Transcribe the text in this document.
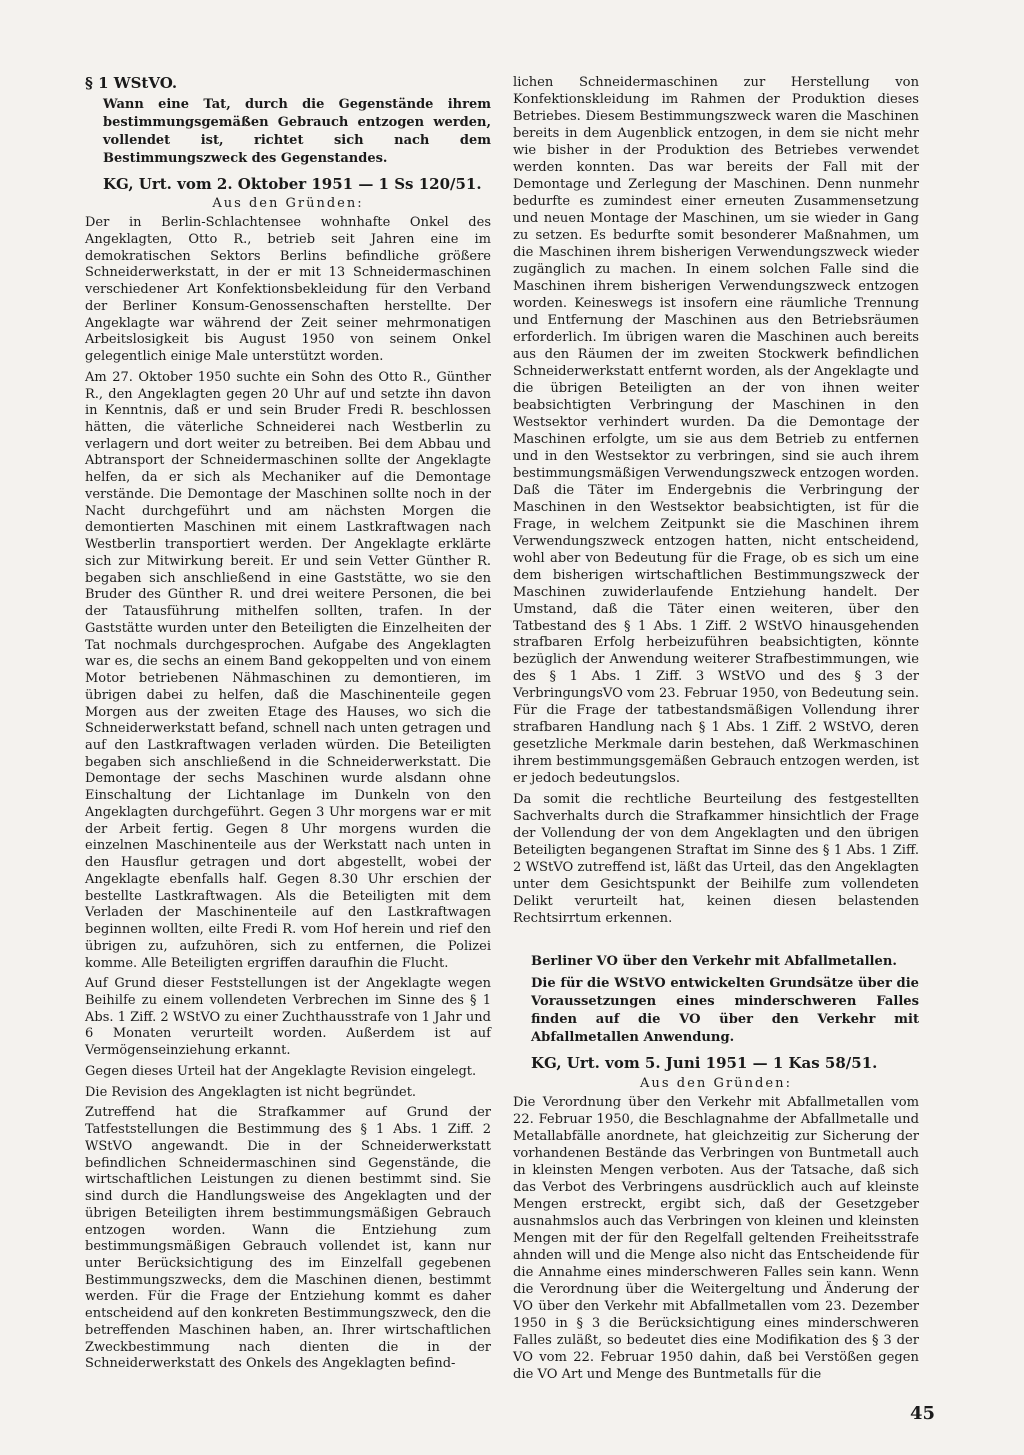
§ 1 WStVO.
Wann eine Tat, durch die Gegenstände ihrem bestimmungsgemäßen Gebrauch entzogen werden, vollendet ist, richtet sich nach dem Bestimmungszweck des Gegenstandes.
KG, Urt. vom 2. Oktober 1951 — 1 Ss 120/51.
Aus den Gründen:

Der in Berlin-Schlachtensee wohnhafte Onkel des Angeklagten, Otto R., betrieb seit Jahren eine im demokratischen Sektors Berlins befindliche größere Schneiderwerkstatt, in der er mit 13 Schneidermaschinen verschiedener Art Konfektionsbekleidung für den Verband der Berliner Konsum-Genossenschaften herstellte. Der Angeklagte war während der Zeit seiner mehrmonatigen Arbeitslosigkeit bis August 1950 von seinem Onkel gelegentlich einige Male unterstützt worden.

Am 27. Oktober 1950 suchte ein Sohn des Otto R., Günther R., den Angeklagten gegen 20 Uhr auf und setzte ihn davon in Kenntnis, daß er und sein Bruder Fredi R. beschlossen hätten, die väterliche Schneiderei nach Westberlin zu verlagern und dort weiter zu betreiben. Bei dem Abbau und Abtransport der Schneidermaschinen sollte der Angeklagte helfen, da er sich als Mechaniker auf die Demontage verstände. Die Demontage der Maschinen sollte noch in der Nacht durchgeführt und am nächsten Morgen die demontierten Maschinen mit einem Lastkraftwagen nach Westberlin transportiert werden. Der Angeklagte erklärte sich zur Mitwirkung bereit. Er und sein Vetter Günther R. begaben sich anschließend in eine Gaststätte, wo sie den Bruder des Günther R. und drei weitere Personen, die bei der Tatausführung mithelfen sollten, trafen. In der Gaststätte wurden unter den Beteiligten die Einzelheiten der Tat nochmals durchgesprochen. Aufgabe des Angeklagten war es, die sechs an einem Band gekoppelten und von einem Motor betriebenen Nähmaschinen zu demontieren, im übrigen dabei zu helfen, daß die Maschinenteile gegen Morgen aus der zweiten Etage des Hauses, wo sich die Schneiderwerkstatt befand, schnell nach unten getragen und auf den Lastkraftwagen verladen würden. Die Beteiligten begaben sich anschließend in die Schneiderwerkstatt. Die Demontage der sechs Maschinen wurde alsdann ohne Einschaltung der Lichtanlage im Dunkeln von den Angeklagten durchgeführt. Gegen 3 Uhr morgens war er mit der Arbeit fertig. Gegen 8 Uhr morgens wurden die einzelnen Maschinenteile aus der Werkstatt nach unten in den Hausflur getragen und dort abgestellt, wobei der Angeklagte ebenfalls half. Gegen 8.30 Uhr erschien der bestellte Lastkraftwagen. Als die Beteiligten mit dem Verladen der Maschinenteile auf den Lastkraftwagen beginnen wollten, eilte Fredi R. vom Hof herein und rief den übrigen zu, aufzuhören, sich zu entfernen, die Polizei komme. Alle Beteiligten ergriffen daraufhin die Flucht.

Auf Grund dieser Feststellungen ist der Angeklagte wegen Beihilfe zu einem vollendeten Verbrechen im Sinne des § 1 Abs. 1 Ziff. 2 WStVO zu einer Zuchthausstrafe von 1 Jahr und 6 Monaten verurteilt worden. Außerdem ist auf Vermögenseinziehung erkannt.

Gegen dieses Urteil hat der Angeklagte Revision eingelegt.

Die Revision des Angeklagten ist nicht begründet.

Zutreffend hat die Strafkammer auf Grund der Tatfeststellungen die Bestimmung des § 1 Abs. 1 Ziff. 2 WStVO angewandt. Die in der Schneiderwerkstatt befindlichen Schneidermaschinen sind Gegenstände, die wirtschaftlichen Leistungen zu dienen bestimmt sind. Sie sind durch die Handlungsweise des Angeklagten und der übrigen Beteiligten ihrem bestimmungsmäßigen Gebrauch entzogen worden. Wann die Entziehung zum bestimmungsmäßigen Gebrauch vollendet ist, kann nur unter Berücksichtigung des im Einzelfall gegebenen Bestimmungszwecks, dem die Maschinen dienen, bestimmt werden. Für die Frage der Entziehung kommt es daher entscheidend auf den konkreten Bestimmungszweck, den die betreffenden Maschinen haben, an. Ihrer wirtschaftlichen Zweckbestimmung nach dienten die in der Schneiderwerkstatt des Onkels des Angeklagten befind-

lichen Schneidermaschinen zur Herstellung von Konfektionskleidung im Rahmen der Produktion dieses Betriebes. Diesem Bestimmungszweck waren die Maschinen bereits in dem Augenblick entzogen, in dem sie nicht mehr wie bisher in der Produktion des Betriebes verwendet werden konnten. Das war bereits der Fall mit der Demontage und Zerlegung der Maschinen. Denn nunmehr bedurfte es zumindest einer erneuten Zusammensetzung und neuen Montage der Maschinen, um sie wieder in Gang zu setzen. Es bedurfte somit besonderer Maßnahmen, um die Maschinen ihrem bisherigen Verwendungszweck wieder zugänglich zu machen. In einem solchen Falle sind die Maschinen ihrem bisherigen Verwendungszweck entzogen worden. Keineswegs ist insofern eine räumliche Trennung und Entfernung der Maschinen aus den Betriebsräumen erforderlich. Im übrigen waren die Maschinen auch bereits aus den Räumen der im zweiten Stockwerk befindlichen Schneiderwerkstatt entfernt worden, als der Angeklagte und die übrigen Beteiligten an der von ihnen weiter beabsichtigten Verbringung der Maschinen in den Westsektor verhindert wurden. Da die Demontage der Maschinen erfolgte, um sie aus dem Betrieb zu entfernen und in den Westsektor zu verbringen, sind sie auch ihrem bestimmungsmäßigen Verwendungszweck entzogen worden. Daß die Täter im Endergebnis die Verbringung der Maschinen in den Westsektor beabsichtigten, ist für die Frage, in welchem Zeitpunkt sie die Maschinen ihrem Verwendungszweck entzogen hatten, nicht entscheidend, wohl aber von Bedeutung für die Frage, ob es sich um eine dem bisherigen wirtschaftlichen Bestimmungszweck der Maschinen zuwiderlaufende Entziehung handelt. Der Umstand, daß die Täter einen weiteren, über den Tatbestand des § 1 Abs. 1 Ziff. 2 WStVO hinausgehenden strafbaren Erfolg herbeizuführen beabsichtigten, könnte bezüglich der Anwendung weiterer Strafbestimmungen, wie des § 1 Abs. 1 Ziff. 3 WStVO und des § 3 der VerbringungsVO vom 23. Februar 1950, von Bedeutung sein. Für die Frage der tatbestandsmäßigen Vollendung ihrer strafbaren Handlung nach § 1 Abs. 1 Ziff. 2 WStVO, deren gesetzliche Merkmale darin bestehen, daß Werkmaschinen ihrem bestimmungsgemäßen Gebrauch entzogen werden, ist er jedoch bedeutungslos.

Da somit die rechtliche Beurteilung des festgestellten Sachverhalts durch die Strafkammer hinsichtlich der Frage der Vollendung der von dem Angeklagten und den übrigen Beteiligten begangenen Straftat im Sinne des § 1 Abs. 1 Ziff. 2 WStVO zutreffend ist, läßt das Urteil, das den Angeklagten unter dem Gesichtspunkt der Beihilfe zum vollendeten Delikt verurteilt hat, keinen diesen belastenden Rechtsirrtum erkennen.

Berliner VO über den Verkehr mit Abfallmetallen.
Die für die WStVO entwickelten Grundsätze über die Voraussetzungen eines minderschweren Falles finden auf die VO über den Verkehr mit Abfallmetallen Anwendung.
KG, Urt. vom 5. Juni 1951 — 1 Kas 58/51.
Aus den Gründen:

Die Verordnung über den Verkehr mit Abfallmetallen vom 22. Februar 1950, die Beschlagnahme der Abfallmetalle und Metallabfälle anordnete, hat gleichzeitig zur Sicherung der vorhandenen Bestände das Verbringen von Buntmetall auch in kleinsten Mengen verboten. Aus der Tatsache, daß sich das Verbot des Verbringens ausdrücklich auch auf kleinste Mengen erstreckt, ergibt sich, daß der Gesetzgeber ausnahmslos auch das Verbringen von kleinen und kleinsten Mengen mit der für den Regelfall geltenden Freiheitsstrafe ahnden will und die Menge also nicht das Entscheidende für die Annahme eines minderschweren Falles sein kann. Wenn die Verordnung über die Weitergeltung und Änderung der VO über den Verkehr mit Abfallmetallen vom 23. Dezember 1950 in § 3 die Berücksichtigung eines minderschweren Falles zuläßt, so bedeutet dies eine Modifikation des § 3 der VO vom 22. Februar 1950 dahin, daß bei Verstößen gegen die VO Art und Menge des Buntmetalls für die

45
